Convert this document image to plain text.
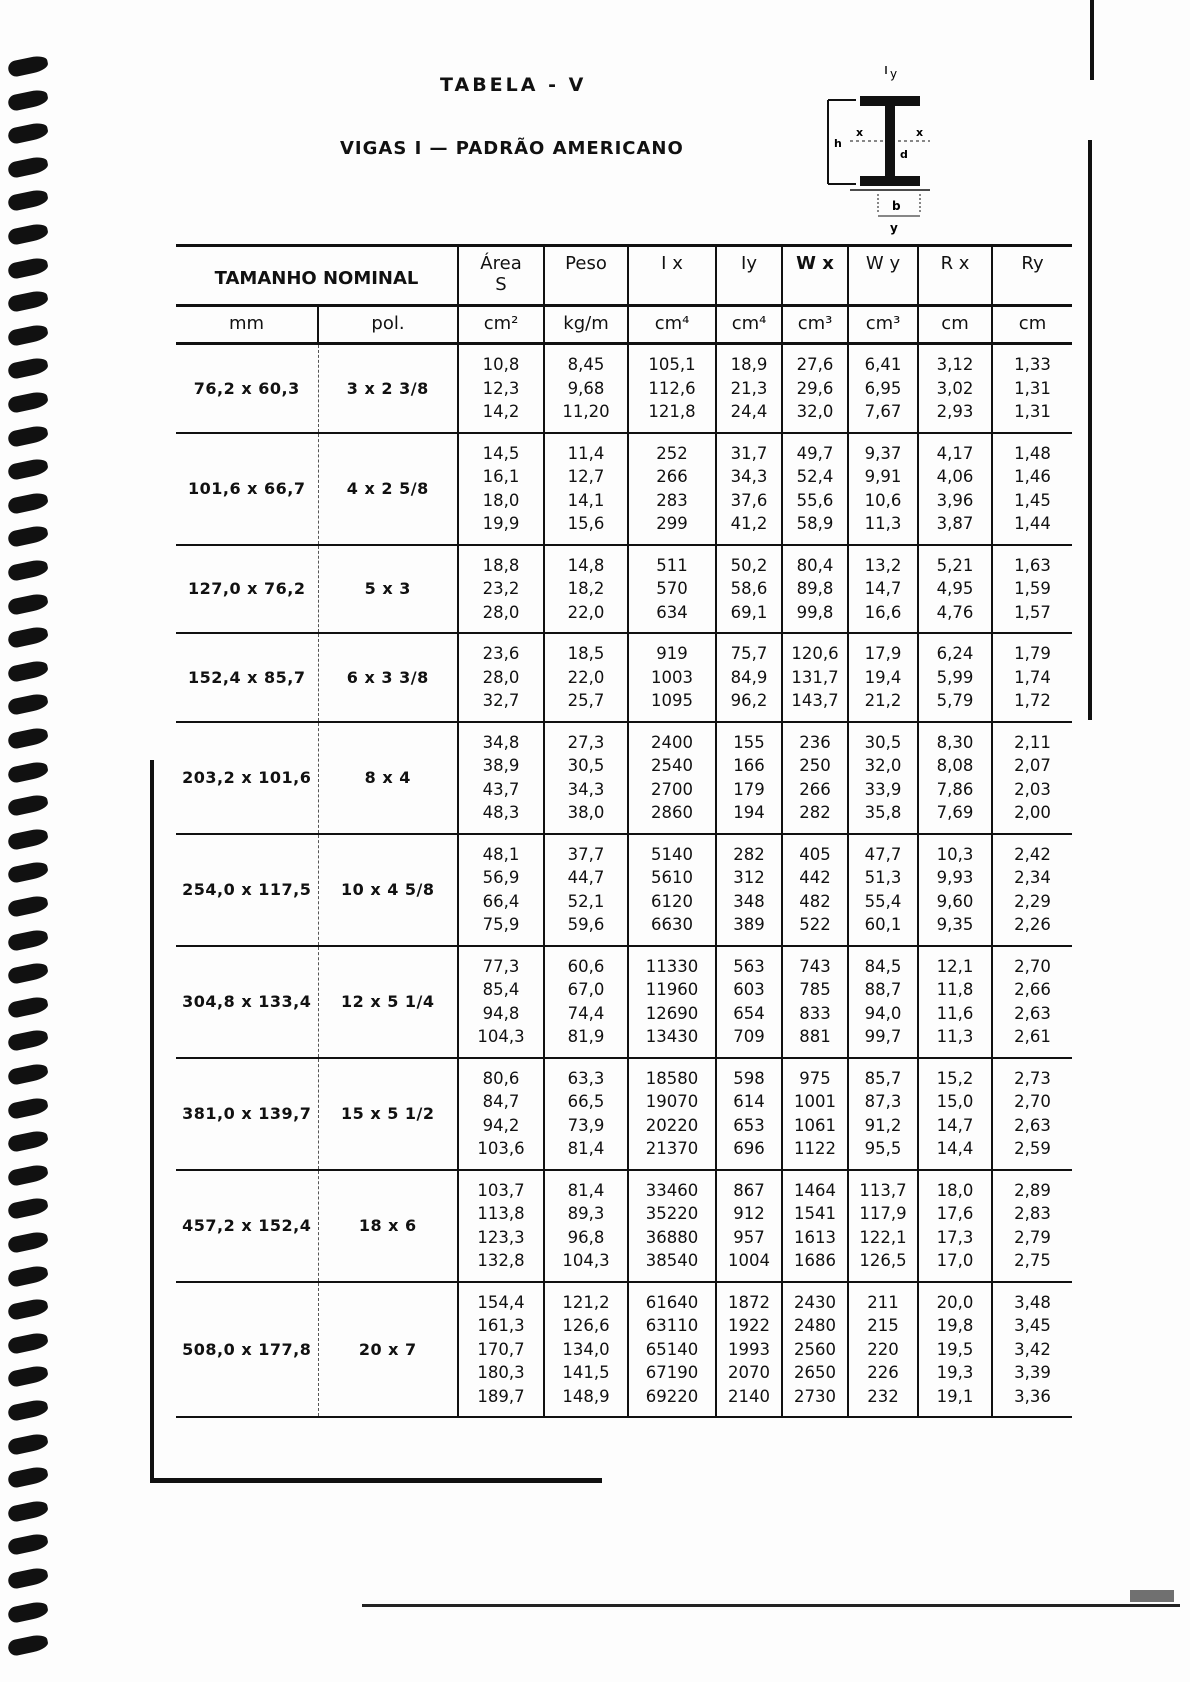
TABELA - V
VIGAS I — PADRÃO AMERICANO
y
h
x	x
d
b
y
TAMANHO NOMINAL		Área
S	Peso	I x	Iy	W x	W y	R x	Ry
mm	pol.	cm²	kg/m	cm⁴	cm⁴	cm³	cm³	cm	cm
76,2 x 60,3	3 x 2 3/8	10,8
12,3
14,2	8,45
9,68
11,20	105,1
112,6
121,8	18,9
21,3
24,4	27,6
29,6
32,0	6,41
6,95
7,67	3,12
3,02
2,93	1,33
1,31
1,31
101,6 x 66,7	4 x 2 5/8	14,5
16,1
18,0
19,9	11,4
12,7
14,1
15,6	252
266
283
299	31,7
34,3
37,6
41,2	49,7
52,4
55,6
58,9	9,37
9,91
10,6
11,3	4,17
4,06
3,96
3,87	1,48
1,46
1,45
1,44
127,0 x 76,2	5 x 3	18,8
23,2
28,0	14,8
18,2
22,0	511
570
634	50,2
58,6
69,1	80,4
89,8
99,8	13,2
14,7
16,6	5,21
4,95
4,76	1,63
1,59
1,57
152,4 x 85,7	6 x 3 3/8	23,6
28,0
32,7	18,5
22,0
25,7	919
1003
1095	75,7
84,9
96,2	120,6
131,7
143,7	17,9
19,4
21,2	6,24
5,99
5,79	1,79
1,74
1,72
203,2 x 101,6	8 x 4	34,8
38,9
43,7
48,3	27,3
30,5
34,3
38,0	2400
2540
2700
2860	155
166
179
194	236
250
266
282	30,5
32,0
33,9
35,8	8,30
8,08
7,86
7,69	2,11
2,07
2,03
2,00
254,0 x 117,5	10 x 4 5/8	48,1
56,9
66,4
75,9	37,7
44,7
52,1
59,6	5140
5610
6120
6630	282
312
348
389	405
442
482
522	47,7
51,3
55,4
60,1	10,3
9,93
9,60
9,35	2,42
2,34
2,29
2,26
304,8 x 133,4	12 x 5 1/4	77,3
85,4
94,8
104,3	60,6
67,0
74,4
81,9	11330
11960
12690
13430	563
603
654
709	743
785
833
881	84,5
88,7
94,0
99,7	12,1
11,8
11,6
11,3	2,70
2,66
2,63
2,61
381,0 x 139,7	15 x 5 1/2	80,6
84,7
94,2
103,6	63,3
66,5
73,9
81,4	18580
19070
20220
21370	598
614
653
696	975
1001
1061
1122	85,7
87,3
91,2
95,5	15,2
15,0
14,7
14,4	2,73
2,70
2,63
2,59
457,2 x 152,4	18 x 6	103,7
113,8
123,3
132,8	81,4
89,3
96,8
104,3	33460
35220
36880
38540	867
912
957
1004	1464
1541
1613
1686	113,7
117,9
122,1
126,5	18,0
17,6
17,3
17,0	2,89
2,83
2,79
2,75
508,0 x 177,8	20 x 7	154,4
161,3
170,7
180,3
189,7	121,2
126,6
134,0
141,5
148,9	61640
63110
65140
67190
69220	1872
1922
1993
2070
2140	2430
2480
2560
2650
2730	211
215
220
226
232	20,0
19,8
19,5
19,3
19,1	3,48
3,45
3,42
3,39
3,36
